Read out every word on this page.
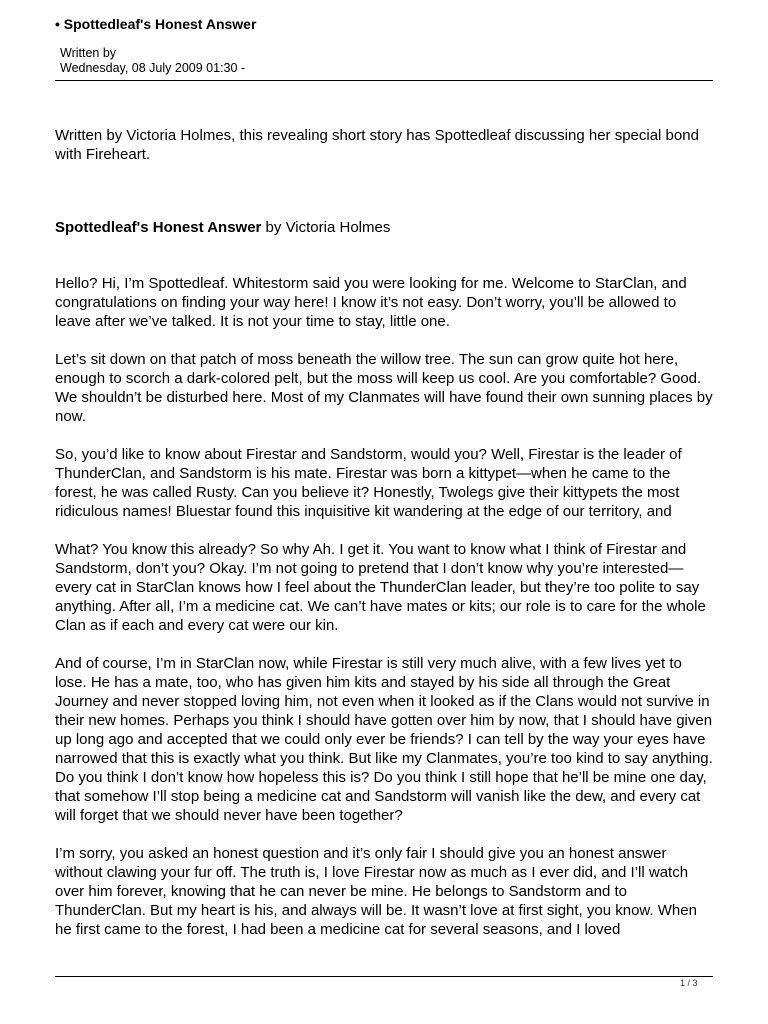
• Spottedleaf's Honest Answer
Written by
Wednesday, 08 July 2009 01:30 -

Written by Victoria Holmes, this revealing short story has Spottedleaf discussing her special bond with Fireheart.

Spottedleaf's Honest Answer by Victoria Holmes

Hello? Hi, I’m Spottedleaf. Whitestorm said you were looking for me. Welcome to StarClan, and congratulations on finding your way here! I know it’s not easy. Don’t worry, you’ll be allowed to leave after we’ve talked. It is not your time to stay, little one.

Let’s sit down on that patch of moss beneath the willow tree. The sun can grow quite hot here, enough to scorch a dark-colored pelt, but the moss will keep us cool. Are you comfortable? Good. We shouldn’t be disturbed here. Most of my Clanmates will have found their own sunning places by now.

So, you’d like to know about Firestar and Sandstorm, would you? Well, Firestar is the leader of ThunderClan, and Sandstorm is his mate. Firestar was born a kittypet—when he came to the forest, he was called Rusty. Can you believe it? Honestly, Twolegs give their kittypets the most ridiculous names! Bluestar found this inquisitive kit wandering at the edge of our territory, and

What? You know this already? So why Ah. I get it. You want to know what I think of Firestar and Sandstorm, don’t you? Okay. I’m not going to pretend that I don’t know why you’re interested—every cat in StarClan knows how I feel about the ThunderClan leader, but they’re too polite to say anything. After all, I’m a medicine cat. We can’t have mates or kits; our role is to care for the whole Clan as if each and every cat were our kin.

And of course, I’m in StarClan now, while Firestar is still very much alive, with a few lives yet to lose. He has a mate, too, who has given him kits and stayed by his side all through the Great Journey and never stopped loving him, not even when it looked as if the Clans would not survive in their new homes. Perhaps you think I should have gotten over him by now, that I should have given up long ago and accepted that we could only ever be friends? I can tell by the way your eyes have narrowed that this is exactly what you think. But like my Clanmates, you’re too kind to say anything. Do you think I don’t know how hopeless this is? Do you think I still hope that he’ll be mine one day, that somehow I’ll stop being a medicine cat and Sandstorm will vanish like the dew, and every cat will forget that we should never have been together?

I’m sorry, you asked an honest question and it’s only fair I should give you an honest answer without clawing your fur off. The truth is, I love Firestar now as much as I ever did, and I’ll watch over him forever, knowing that he can never be mine. He belongs to Sandstorm and to ThunderClan. But my heart is his, and always will be. It wasn’t love at first sight, you know. When he first came to the forest, I had been a medicine cat for several seasons, and I loved

1 / 3
